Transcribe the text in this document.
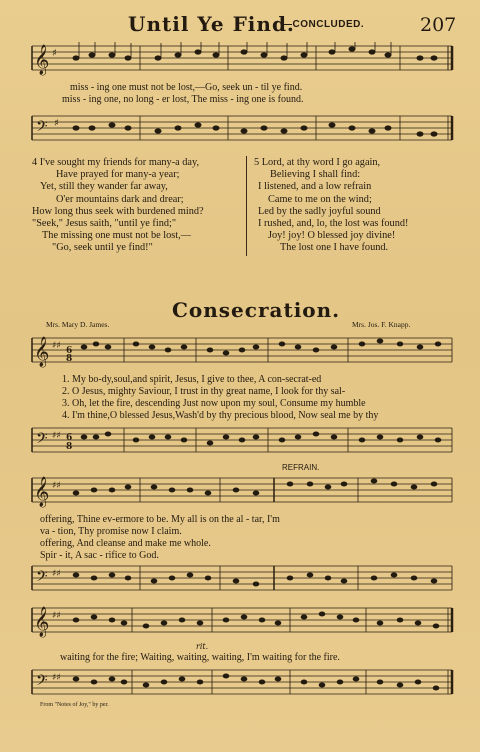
Until Ye Find.
—CONCLUDED.	207
𝄞 ♯
miss - ing one must not be lost,—Go, seek un - til ye find.
miss - ing one, no long - er lost, The miss - ing one is found.
𝄢 ♯
4 I've sought my friends for many-a day,
Have prayed for many-a year;
Yet, still they wander far away,
O'er mountains dark and drear;
How long thus seek with burdened mind?
"Seek," Jesus saith, "until ye find;"
The missing one must not be lost,—
"Go, seek until ye find!"
5 Lord, at thy word I go again,
Believing I shall find:
I listened, and a low refrain
Came to me on the wind;
Led by the sadly joyful sound
I rushed, and, lo, the lost was found!
Joy! joy! O blessed joy divine!
The lost one I have found.
Consecration.
Mrs. Mary D. James.	Mrs. Jos. F. Knapp.
𝄞 ♯♯ 6
8
1. My bo-dy,soul,and spirit, Jesus, I give to thee, A con-secrat-ed
2. O Jesus, mighty Saviour, I trust in thy great name, I look for thy sal-
3. Oh, let the fire, descending Just now upon my soul, Consume my humble
4. I'm thine,O blessed Jesus,Wash'd by thy precious blood, Now seal me by thy
𝄢 ♯♯ 6
8
REFRAIN.
𝄞 ♯♯
offering, Thine ev-ermore to be. My all is on the al - tar, I'm
va - tion, Thy promise now I claim.
offering, And cleanse and make me whole.
Spir - it, A sac - rifice to God.
𝄢 ♯♯
𝄞 ♯♯
rit.
waiting for the fire; Waiting, waiting, waiting, I'm waiting for the fire.
𝄢 ♯♯
From "Notes of Joy," by per.
